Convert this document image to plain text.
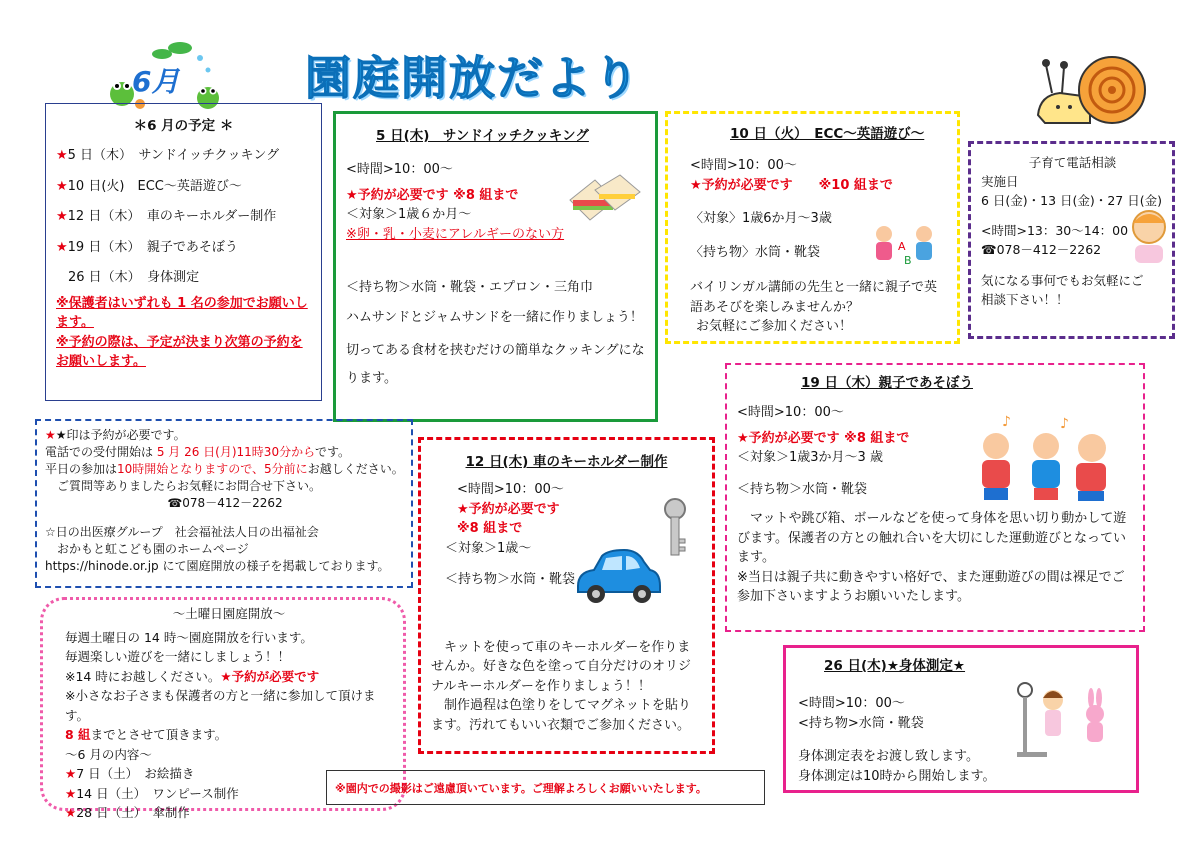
6月	園庭開放だより

＊6 月の予定 ＊

★5 日（木）　サンドイッチクッキング

★10 日(火)　ECC～英語遊び～

★12 日（木）　車のキーホルダー制作

★19 日（木）　親子であそぼう

26 日（木）　身体測定

※保護者はいずれも 1 名の参加でお願いします。

※予約の際は、予定が決まり次第の予約をお願いします。

5 日(木)　サンドイッチクッキング

<時間>10：00～

★予約が必要です ※8 組まで

＜対象＞1歳６か月～

※卵・乳・小麦にアレルギーのない方

＜持ち物＞水筒・靴袋・エプロン・三角巾

ハムサンドとジャムサンドを一緒に作りましょう！

切ってある食材を挟むだけの簡単なクッキングになります。

10 日（火）　ECC～英語遊び～

<時間>10：00～

★予約が必要です　　※10 組まで

〈対象〉1歳6か月～3歳

〈持ち物〉水筒・靴袋

バイリンガル講師の先生と一緒に親子で英語あそびを楽しみませんか？

お気軽にご参加ください！

A
B

子育て電話相談

実施日

6 日(金)・13 日(金)・27 日(金)

<時間>13：30～14：00

☎078－412－2262

気になる事何でもお気軽にご相談下さい！！

★★印は予約が必要です。

電話での受付開始は 5 月 26 日(月)11時30分からです。

平日の参加は10時開始となりますので、5分前にお越しください。

ご質問等ありましたらお気軽にお問合せ下さい。

☎078－412－2262

☆日の出医療グループ　社会福祉法人日の出福祉会

おかもと虹こども園のホームページ

https://hinode.or.jp にて園庭開放の様子を掲載しております。

12 日(木) 車のキーホルダー制作

<時間>10：00～

★予約が必要です

※8 組まで

＜対象＞1歳～

＜持ち物＞水筒・靴袋

キットを使って車のキーホルダーを作りませんか。好きな色を塗って自分だけのオリジナルキーホルダーを作りましょう！！

制作過程は色塗りをしてマグネットを貼ります。汚れてもいい衣類でご参加ください。

19 日（木）親子であそぼう

<時間>10：00～

★予約が必要です ※8 組まで

＜対象＞1歳3か月～3 歳

＜持ち物＞水筒・靴袋

マットや跳び箱、ボールなどを使って身体を思い切り動かして遊びます。保護者の方との触れ合いを大切にした運動遊びとなっています。

※当日は親子共に動きやすい格好で、また運動遊びの間は裸足でご参加下さいますようお願いいたします。

♪	♪

～土曜日園庭開放～

毎週土曜日の 14 時～園庭開放を行います。

毎週楽しい遊びを一緒にしましょう！！

※14 時にお越しください。★予約が必要です

※小さなお子さまも保護者の方と一緒に参加して頂けます。

8 組までとさせて頂きます。

～6 月の内容～

★7 日（土）　お絵描き

★14 日（土）　ワンピース制作

★28 日（土）　傘制作

26 日(木)★身体測定★

<時間>10：00～

<持ち物>水筒・靴袋

身体測定表をお渡し致します。

身体測定は10時から開始します。

※園内での撮影はご遠慮頂いています。ご理解よろしくお願いいたします。
